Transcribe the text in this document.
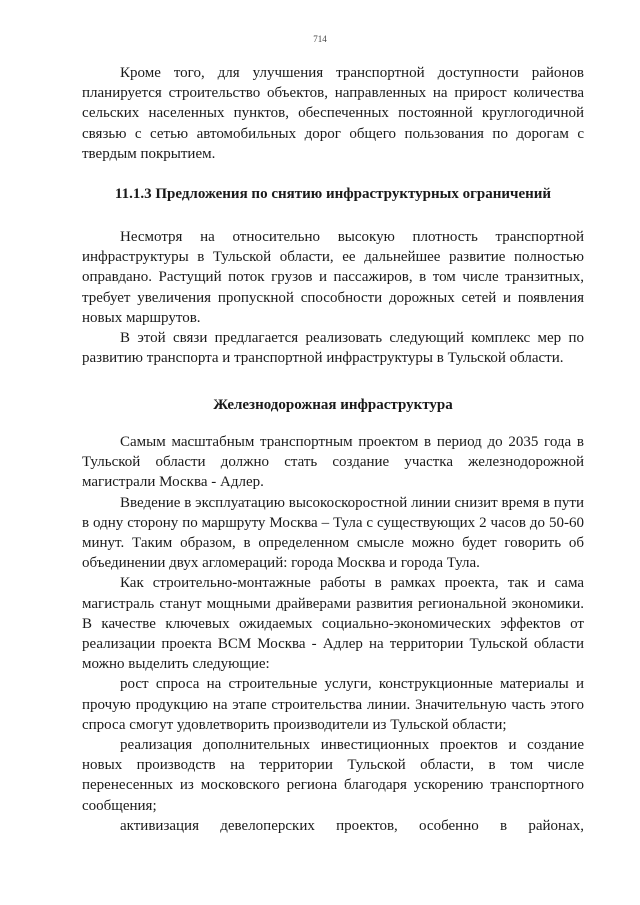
714

Кроме того, для улучшения транспортной доступности районов планируется строительство объектов, направленных на прирост количества сельских населенных пунктов, обеспеченных постоянной круглогодичной связью с сетью автомобильных дорог общего пользования по дорогам с твердым покрытием.

11.1.3 Предложения по снятию инфраструктурных ограничений

Несмотря на относительно высокую плотность транспортной инфраструктуры в Тульской области, ее дальнейшее развитие полностью оправдано. Растущий поток грузов и пассажиров, в том числе транзитных, требует увеличения пропускной способности дорожных сетей и появления новых маршрутов.

В этой связи предлагается реализовать следующий комплекс мер по развитию транспорта и транспортной инфраструктуры в Тульской области.

Железнодорожная инфраструктура

Самым масштабным транспортным проектом в период до 2035 года в Тульской области должно стать создание участка железнодорожной магистрали Москва - Адлер.

Введение в эксплуатацию высокоскоростной линии снизит время в пути в одну сторону по маршруту Москва – Тула с существующих 2 часов до 50-60 минут. Таким образом, в определенном смысле можно будет говорить об объединении двух агломераций: города Москва и города Тула.

Как строительно-монтажные работы в рамках проекта, так и сама магистраль станут мощными драйверами развития региональной экономики. В качестве ключевых ожидаемых социально-экономических эффектов от реализации проекта ВСМ Москва - Адлер на территории Тульской области можно выделить следующие:

рост спроса на строительные услуги, конструкционные материалы и прочую продукцию на этапе строительства линии. Значительную часть этого спроса смогут удовлетворить производители из Тульской области;

реализация дополнительных инвестиционных проектов и создание новых производств на территории Тульской области, в том числе перенесенных из московского региона благодаря ускорению транспортного сообщения;

активизация девелоперских проектов, особенно в районах,
